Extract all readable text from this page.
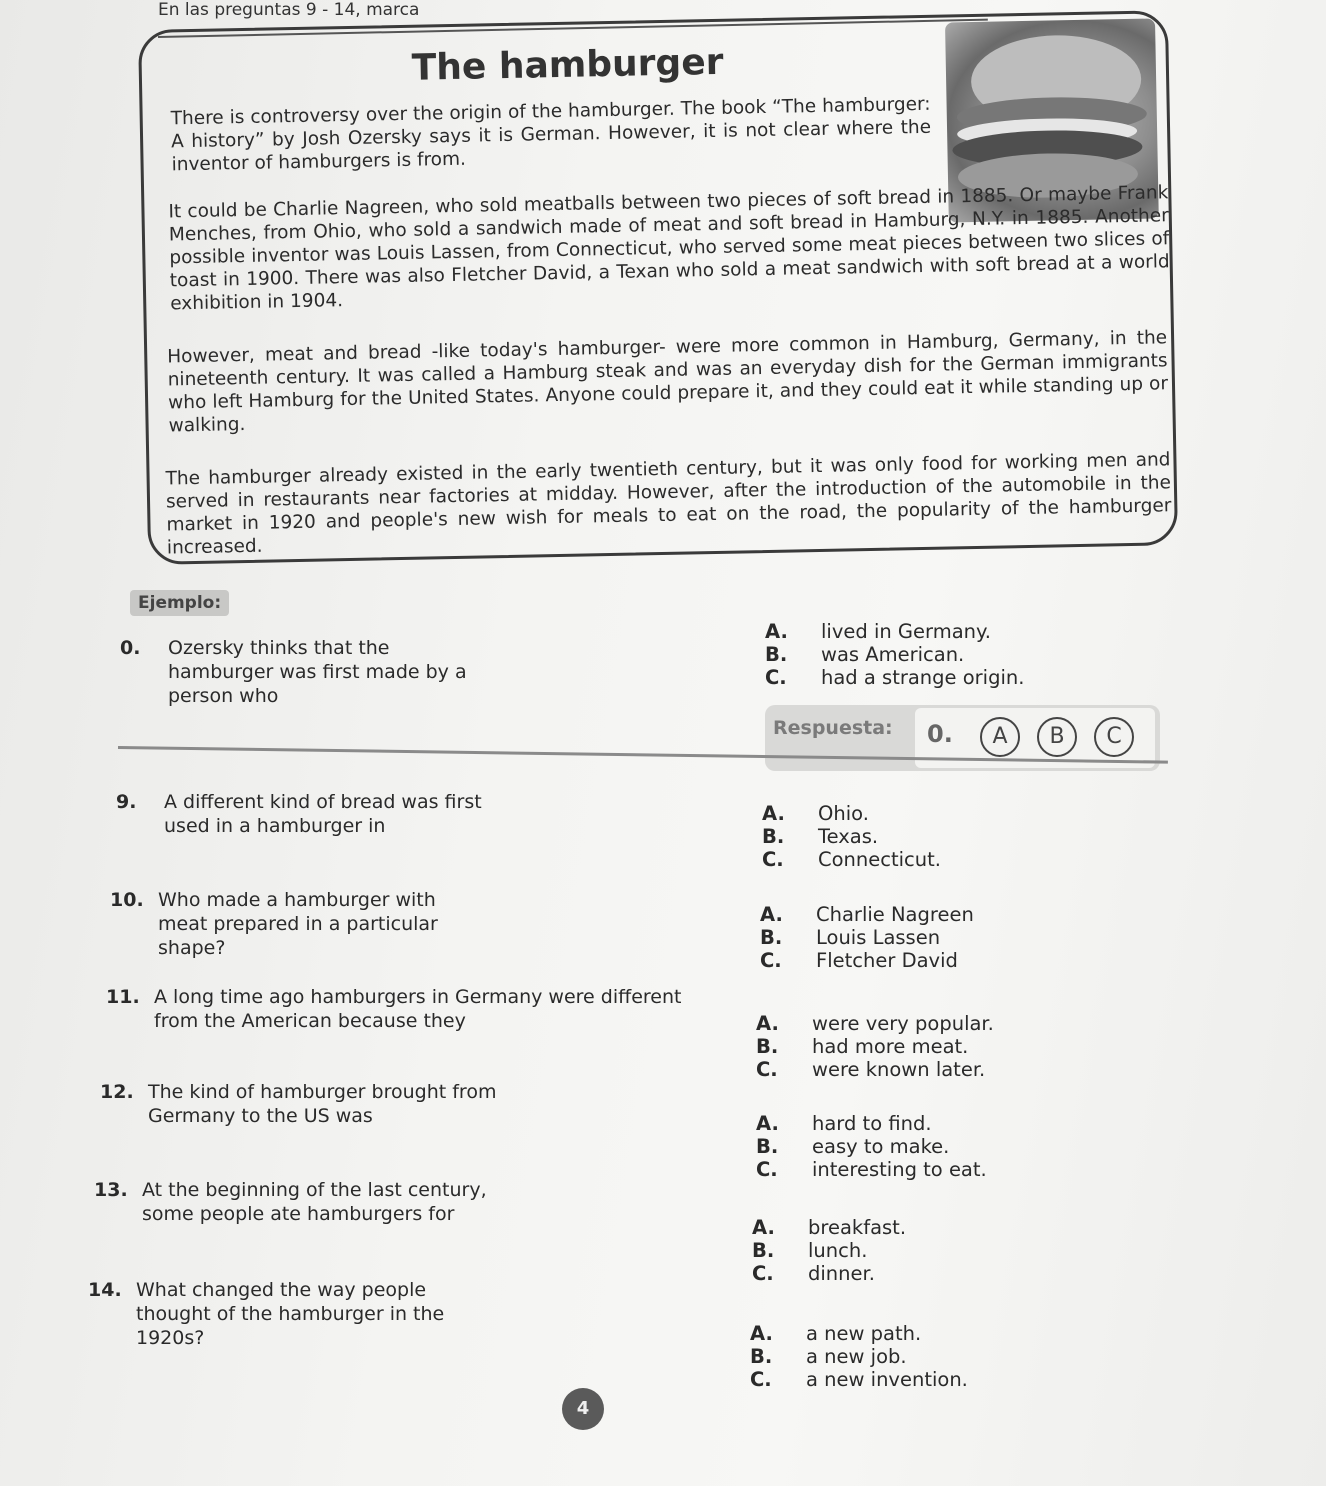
En las preguntas 9 - 14, marca
The hamburger
There is controversy over the origin of the hamburger. The book “The hamburger: A history” by Josh Ozersky says it is German. However, it is not clear where the inventor of hamburgers is from.
It could be Charlie Nagreen, who sold meatballs between two pieces of soft bread in 1885. Or maybe Frank Menches, from Ohio, who sold a sandwich made of meat and soft bread in Hamburg, N.Y. in 1885. Another possible inventor was Louis Lassen, from Connecticut, who served some meat pieces between two slices of toast in 1900. There was also Fletcher David, a Texan who sold a meat sandwich with soft bread at a world exhibition in 1904.
However, meat and bread -like today's hamburger- were more common in Hamburg, Germany, in the nineteenth century. It was called a Hamburg steak and was an everyday dish for the German immigrants who left Hamburg for the United States. Anyone could prepare it, and they could eat it while standing up or walking.
The hamburger already existed in the early twentieth century, but it was only food for working men and served in restaurants near factories at midday. However, after the introduction of the automobile in the market in 1920 and people's new wish for meals to eat on the road, the popularity of the hamburger increased.
Ejemplo:
0. Ozersky thinks that the hamburger was first made by a person who
A.	lived in Germany.
B.	was American.
C.	had a strange origin.
Respuesta: 0.	A	B	C
9. A different kind of bread was first used in a hamburger in
A.	Ohio.
B.	Texas.
C.	Connecticut.
10. Who made a hamburger with meat prepared in a particular shape?
A.	Charlie Nagreen
B.	Louis Lassen
C.	Fletcher David
11. A long time ago hamburgers in Germany were different from the American because they	A.	were very popular.
B.	had more meat.
C.	were known later.
12. The kind of hamburger brought from Germany to the US was	A.	hard to find.
B.	easy to make.
C.	interesting to eat.
13. At the beginning of the last century, some people ate hamburgers for
A.	breakfast.
B.	lunch.
C.	dinner.
14. What changed the way people thought of the hamburger in the 1920s?	A.	a new path.
B.	a new job.
C.	a new invention.
4
